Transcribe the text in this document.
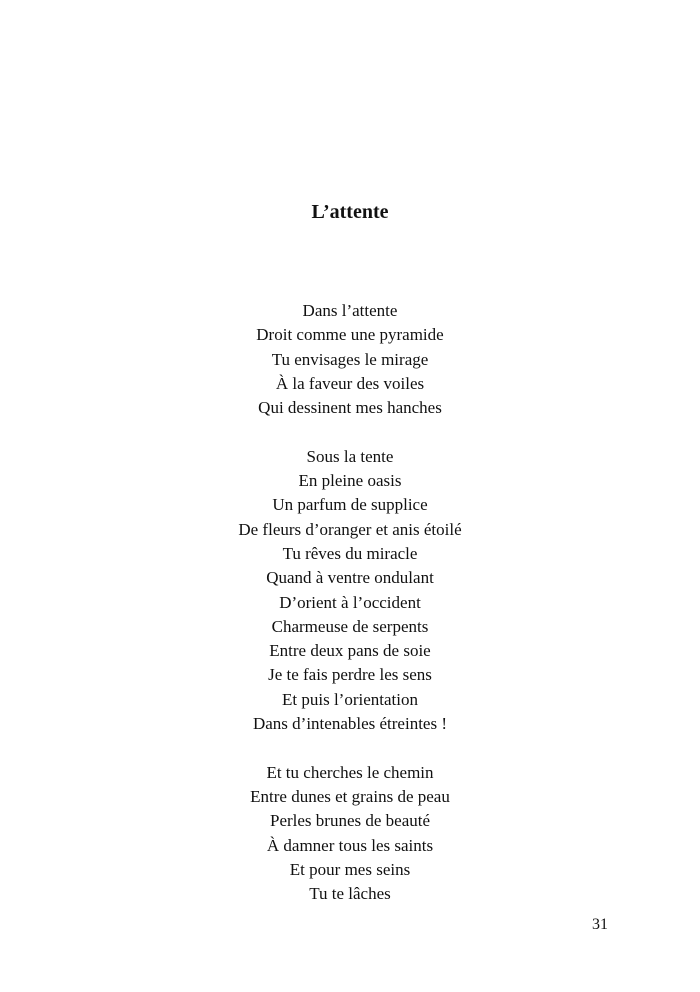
L’attente
Dans l’attente
Droit comme une pyramide
Tu envisages le mirage
À la faveur des voiles
Qui dessinent mes hanches
Sous la tente
En pleine oasis
Un parfum de supplice
De fleurs d’oranger et anis étoilé
Tu rêves du miracle
Quand à ventre ondulant
D’orient à l’occident
Charmeuse de serpents
Entre deux pans de soie
Je te fais perdre les sens
Et puis l’orientation
Dans d’intenables étreintes !
Et tu cherches le chemin
Entre dunes et grains de peau
Perles brunes de beauté
À damner tous les saints
Et pour mes seins
Tu te lâches
31
